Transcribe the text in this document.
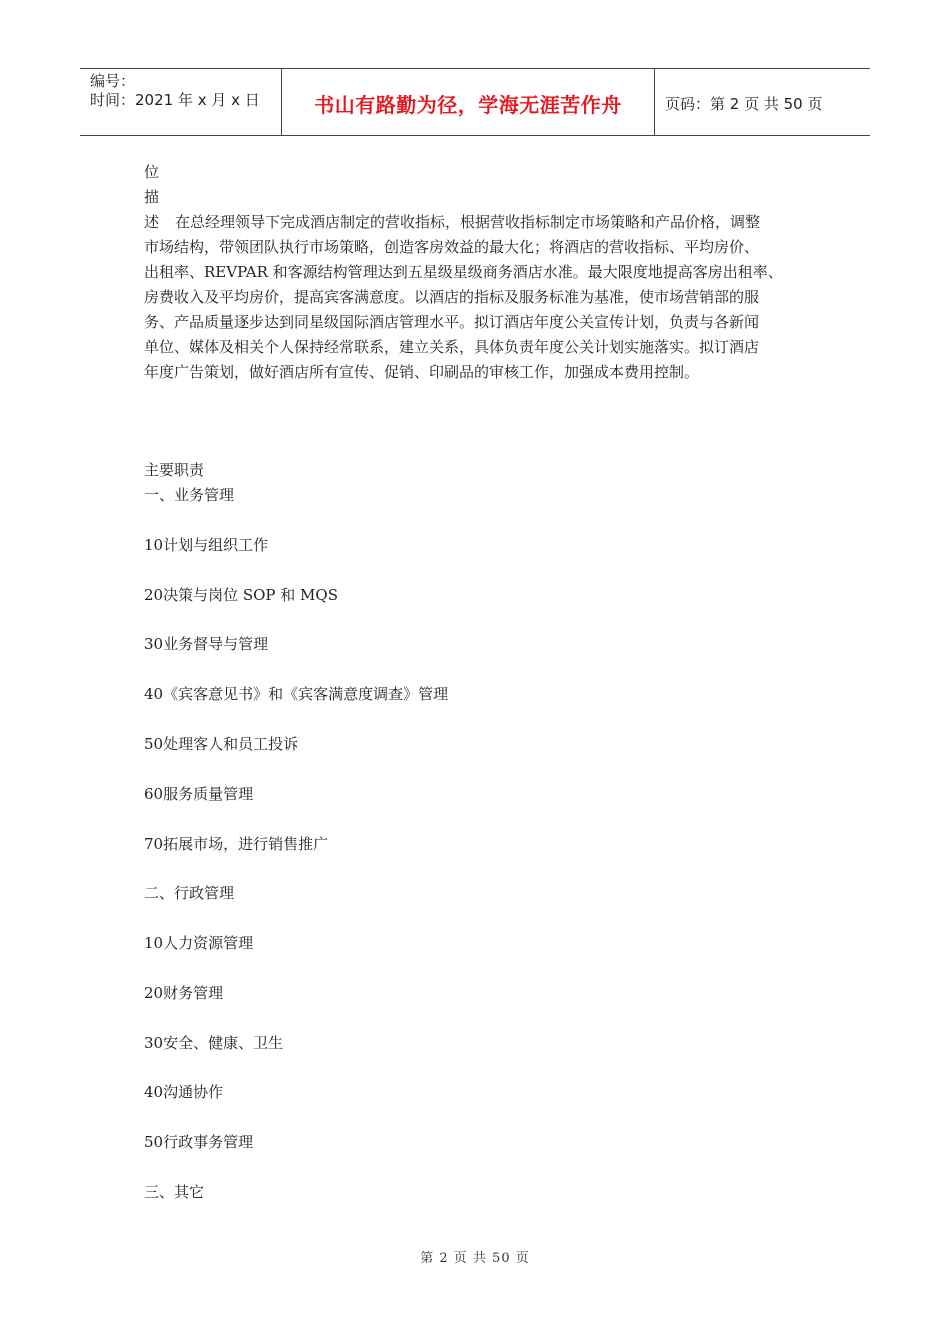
编号：
时间：2021 年 x 月 x 日	书山有路勤为径，学海无涯苦作舟	页码：第 2 页 共 50 页
位
描
述 在总经理领导下完成酒店制定的营收指标，根据营收指标制定市场策略和产品价格，调整
市场结构，带领团队执行市场策略，创造客房效益的最大化；将酒店的营收指标、平均房价、
出租率、REVPAR 和客源结构管理达到五星级星级商务酒店水准。最大限度地提高客房出租率、
房费收入及平均房价，提高宾客满意度。以酒店的指标及服务标准为基准，使市场营销部的服
务、产品质量逐步达到同星级国际酒店管理水平。拟订酒店年度公关宣传计划，负责与各新闻
单位、媒体及相关个人保持经常联系，建立关系，具体负责年度公关计划实施落实。拟订酒店
年度广告策划，做好酒店所有宣传、促销、印刷品的审核工作，加强成本费用控制。
主要职责
一、业务管理
10计划与组织工作
20决策与岗位 SOP 和 MQS
30业务督导与管理
40《宾客意见书》和《宾客满意度调查》管理
50处理客人和员工投诉
60服务质量管理
70拓展市场，进行销售推广
二、行政管理
10人力资源管理
20财务管理
30安全、健康、卫生
40沟通协作
50行政事务管理
三、其它
第 2 页 共 50 页
